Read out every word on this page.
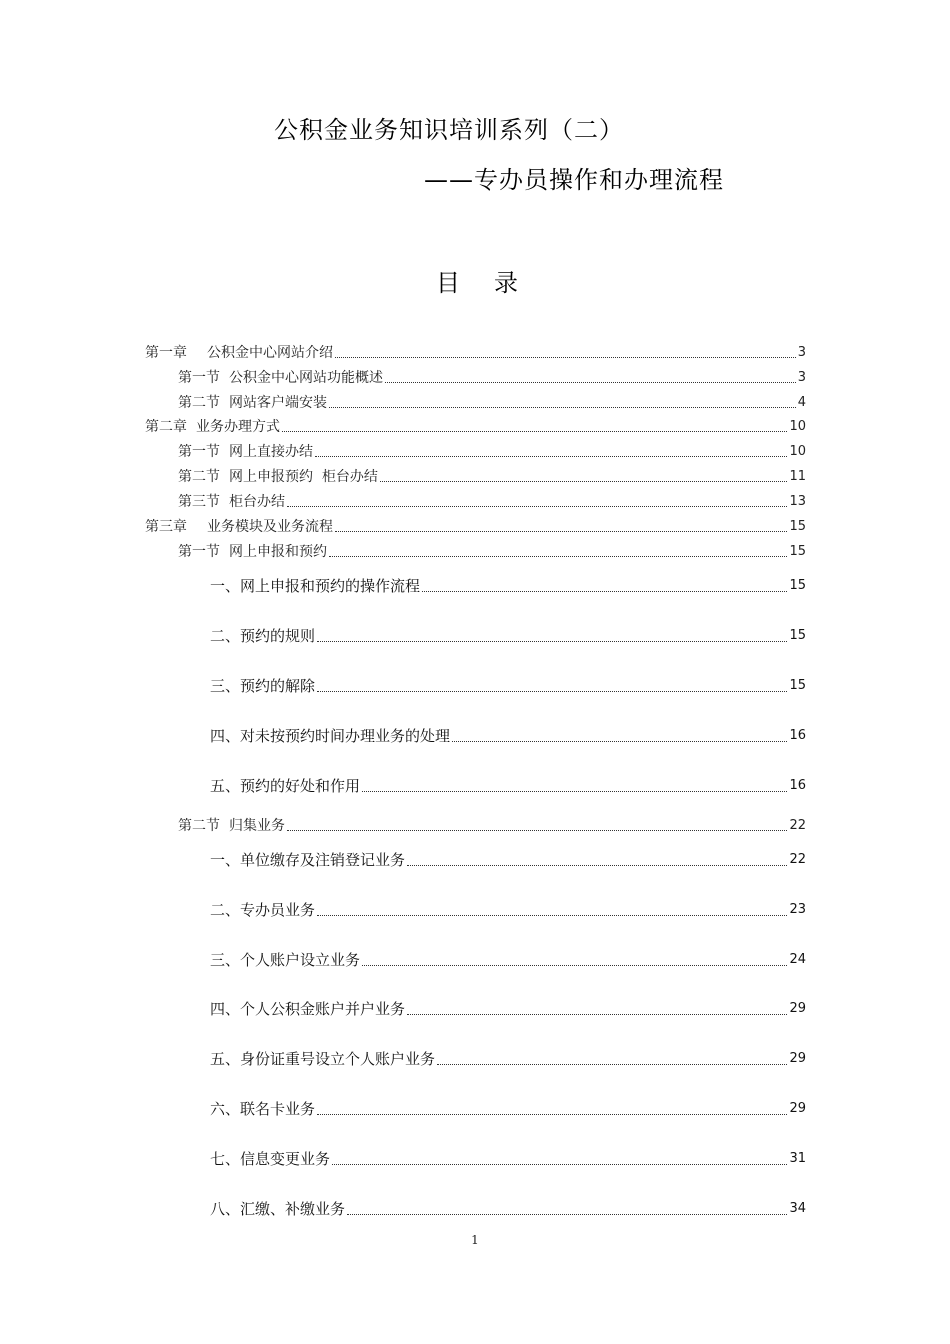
公积金业务知识培训系列（二）
——专办员操作和办理流程
目录
第一章 公积金中心网站介绍	3
第一节 公积金中心网站功能概述	3
第二节 网站客户端安装	4
第二章 业务办理方式	10
第一节 网上直接办结	10
第二节 网上申报预约  柜台办结	11
第三节 柜台办结	13
第三章 业务模块及业务流程	15
第一节 网上申报和预约	15
一、网上申报和预约的操作流程	15
二、预约的规则	15
三、预约的解除	15
四、对未按预约时间办理业务的处理	16
五、预约的好处和作用	16
第二节 归集业务	22
一、单位缴存及注销登记业务	22
二、专办员业务	23
三、个人账户设立业务	24
四、个人公积金账户并户业务	29
五、身份证重号设立个人账户业务	29
六、联名卡业务	29
七、信息变更业务	31
八、汇缴、补缴业务	34
1
